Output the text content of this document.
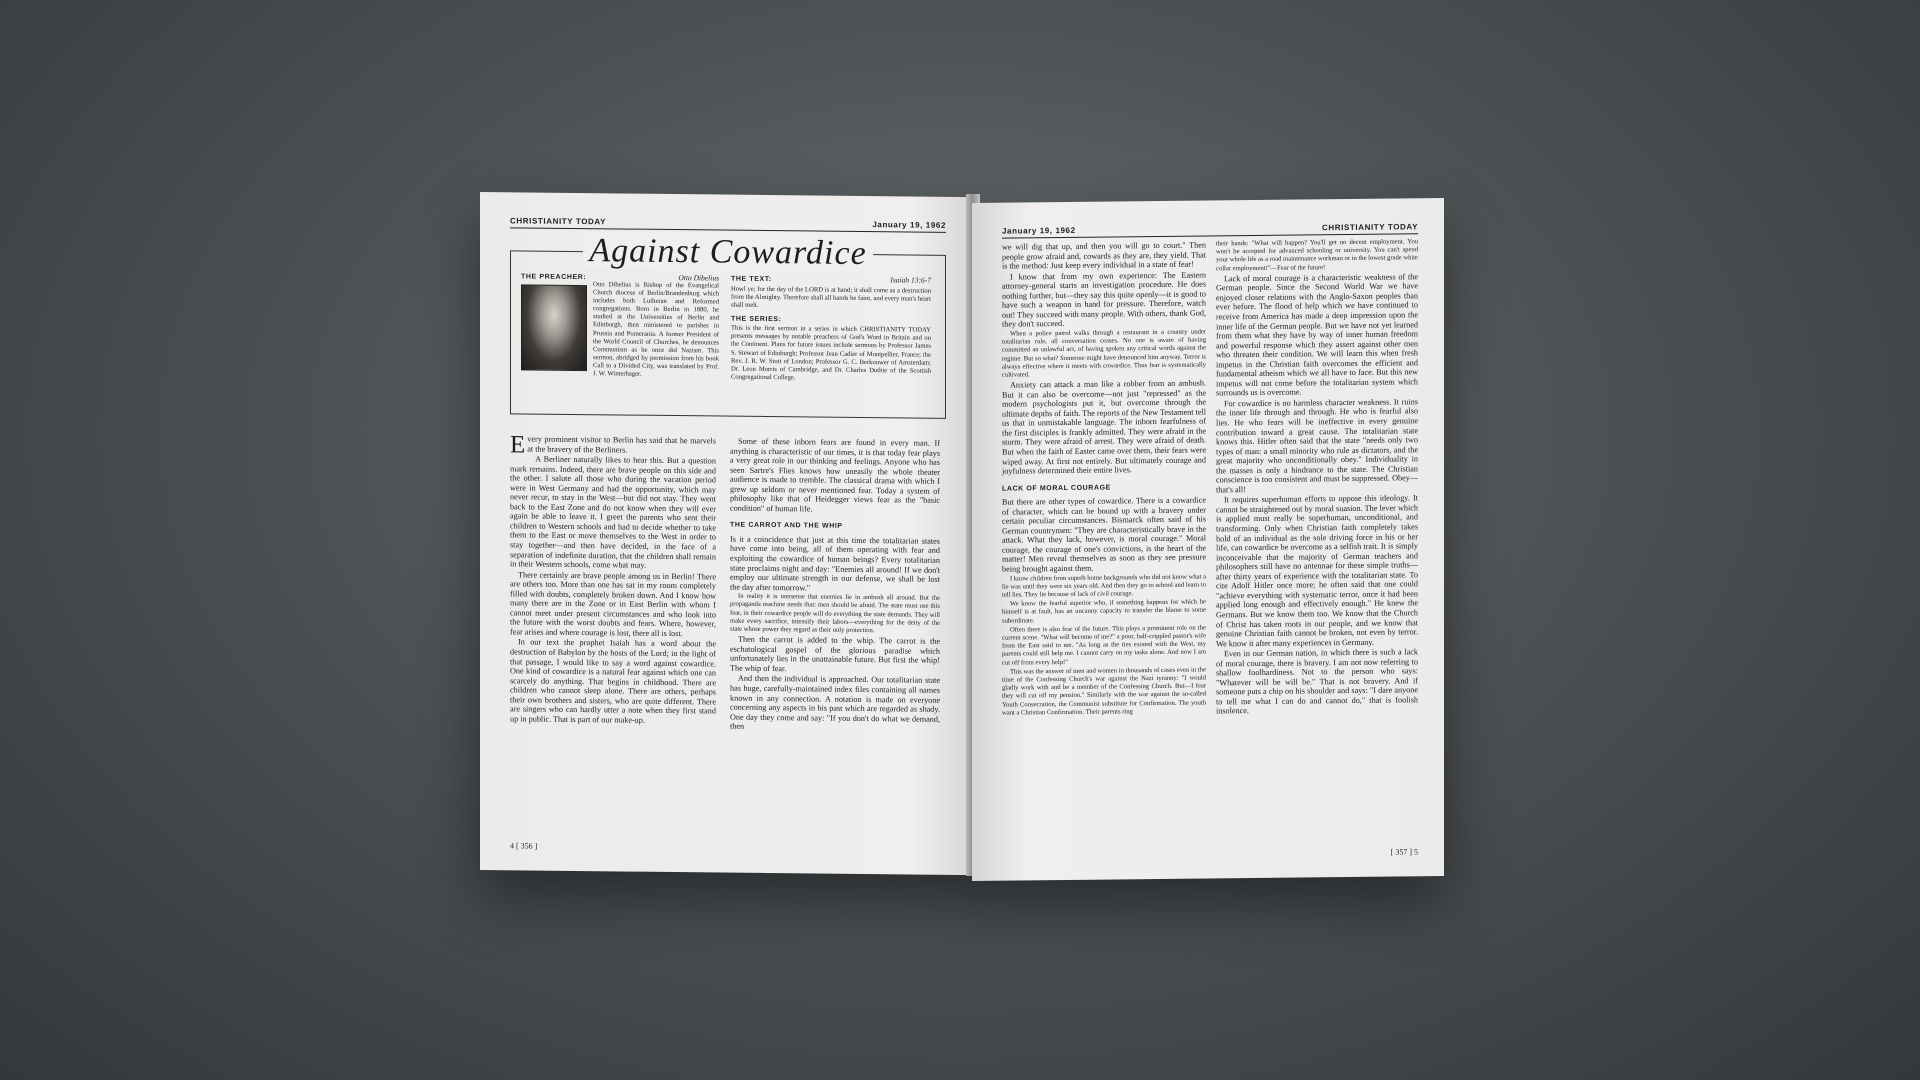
CHRISTIANITY TODAY	January 19, 1962
Against Cowardice
THE PREACHER:	Otto Dibelius
Otto Dibelius is Bishop of the Evangelical Church diocese of Berlin/Brandenburg which includes both Lutheran and Reformed congregations. Born in Berlin in 1880, he studied at the Universities of Berlin and Edinburgh, then ministered to parishes in Prussia and Pomerania. A former President of the World Council of Churches, he denounces Communism as he once did Nazism. This sermon, abridged by permission from his book Call to a Divided City, was translated by Prof. J. W. Winterhager.
THE TEXT:	Isaiah 13:6-7
Howl ye; for the day of the LORD is at hand; it shall come as a destruction from the Almighty. Therefore shall all hands be faint, and every man's heart shall melt.
THE SERIES:
This is the first sermon in a series in which CHRISTIANITY TODAY presents messages by notable preachers of God's Word in Britain and on the Continent. Plans for future issues include sermons by Professor James S. Stewart of Edinburgh; Professor Jean Cadier of Montpellier, France; the Rev. J. R. W. Stott of London; Professor G. C. Berkouwer of Amsterdam; Dr. Leon Morris of Cambridge, and Dr. Charles Duthie of the Scottish Congregational College.

Every prominent visitor to Berlin has said that he marvels at the bravery of the Berliners.

A Berliner naturally likes to hear this. But a question mark remains. Indeed, there are brave people on this side and the other. I salute all those who during the vacation period were in West Germany and had the opportunity, which may never recur, to stay in the West—but did not stay. They went back to the East Zone and do not know when they will ever again be able to leave it. I greet the parents who sent their children to Western schools and had to decide whether to take them to the East or move themselves to the West in order to stay together—and then have decided, in the face of a separation of indefinite duration, that the children shall remain in their Western schools, come what may.

There certainly are brave people among us in Berlin! There are others too. More than one has sat in my room completely filled with doubts, completely broken down. And I know how many there are in the Zone or in East Berlin with whom I cannot meet under present circumstances and who look into the future with the worst doubts and fears. Where, however, fear arises and where courage is lost, there all is lost.

In our text the prophet Isaiah has a word about the destruction of Babylon by the hosts of the Lord; in the light of that passage, I would like to say a word against cowardice. One kind of cowardice is a natural fear against which one can scarcely do anything. That begins in childhood. There are children who cannot sleep alone. There are others, perhaps their own brothers and sisters, who are quite different. There are singers who can hardly utter a note when they first stand up in public. That is part of our make-up.

Some of these inborn fears are found in every man. If anything is characteristic of our times, it is that today fear plays a very great role in our thinking and feelings. Anyone who has seen Sartre's Flies knows how uneasily the whole theater audience is made to tremble. The classical drama with which I grew up seldom or never mentioned fear. Today a system of philosophy like that of Heidegger views fear as the "basic condition" of human life.

THE CARROT AND THE WHIP

Is it a coincidence that just at this time the totalitarian states have come into being, all of them operating with fear and exploiting the cowardice of human beings? Every totalitarian state proclaims night and day: "Enemies all around! If we don't employ our ultimate strength in our defense, we shall be lost the day after tomorrow."

In reality it is nonsense that enemies lie in ambush all around. But the propaganda machine needs that: men should be afraid. The state must use this fear, in their cowardice people will do everything the state demands. They will make every sacrifice, intensify their labors—everything for the deity of the state whose power they regard as their only protection.

Then the carrot is added to the whip. The carrot is the eschatological gospel of the glorious paradise which unfortunately lies in the unattainable future. But first the whip! The whip of fear.

And then the individual is approached. Our totalitarian state has huge, carefully-maintained index files containing all names known in any connection. A notation is made on everyone concerning any aspects in his past which are regarded as shady. One day they come and say: "If you don't do what we demand, then

4 [ 356 ]
January 19, 1962	CHRISTIANITY TODAY

we will dig that up, and then you will go to court." Then people grow afraid and, cowards as they are, they yield. That is the method: Just keep every individual in a state of fear!

I know that from my own experience: The Eastern attorney-general starts an investigation procedure. He does nothing further, but—they say this quite openly—it is good to have such a weapon in hand for pressure. Therefore, watch out! They succeed with many people. With others, thank God, they don't succeed.

When a police patrol walks through a restaurant in a country under totalitarian rule, all conversation ceases. No one is aware of having committed an unlawful act, of having spoken any critical words against the regime. But so what? Someone might have denounced him anyway. Terror is always effective where it meets with cowardice. Thus fear is systematically cultivated.

Anxiety can attack a man like a robber from an ambush. But it can also be overcome—not just "repressed" as the modern psychologists put it, but overcome through the ultimate depths of faith. The reports of the New Testament tell us that in unmistakable language. The inborn fearfulness of the first disciples is frankly admitted. They were afraid in the storm. They were afraid of arrest. They were afraid of death. But when the faith of Easter came over them, their fears were wiped away. At first not entirely. But ultimately courage and joyfulness determined their entire lives.

LACK OF MORAL COURAGE

But there are other types of cowardice. There is a cowardice of character, which can be bound up with a bravery under certain peculiar circumstances. Bismarck often said of his German countrymen: "They are characteristically brave in the attack. What they lack, however, is moral courage." Moral courage, the courage of one's convictions, is the heart of the matter! Men reveal themselves as soon as they see pressure being brought against them.

I know children from superb home backgrounds who did not know what a lie was until they were six years old. And then they go to school and learn to tell lies. They lie because of lack of civil courage.

We know the fearful superior who, if something happens for which he himself is at fault, has an uncanny capacity to transfer the blame to some subordinate.

Often there is also fear of the future. This plays a prominent role on the current scene. "What will become of me?" a poor, half-crippled pastor's wife from the East said to me. "As long as the ties existed with the West, my parents could still help me. I cannot carry on my tasks alone. And now I am cut off from every help!"

This was the answer of men and women in thousands of cases even in the time of the Confessing Church's war against the Nazi tyranny: "I would gladly work with and be a member of the Confessing Church. But—I fear they will cut off my pension." Similarly with the war against the so-called Youth Consecration, the Communist substitute for Confirmation. The youth want a Christian Confirmation. Their parents ring

their hands: "What will happen? You'll get no decent employment. You won't be accepted for advanced schooling or university. You can't spend your whole life as a road maintenance workman or in the lowest grade white collar employment!"—Fear of the future!

Lack of moral courage is a characteristic weakness of the German people. Since the Second World War we have enjoyed closer relations with the Anglo-Saxon peoples than ever before. The flood of help which we have continued to receive from America has made a deep impression upon the inner life of the German people. But we have not yet learned from them what they have by way of inner human freedom and powerful response which they assert against other men who threaten their condition. We will learn this when fresh impetus in the Christian faith overcomes the efficient and fundamental atheism which we all have to face. But this new impetus will not come before the totalitarian system which surrounds us is overcome.

For cowardice is no harmless character weakness. It ruins the inner life through and through. He who is fearful also lies. He who fears will be ineffective in every genuine contribution toward a great cause. The totalitarian state knows this. Hitler often said that the state "needs only two types of man: a small minority who rule as dictators, and the great majority who unconditionally obey." Individuality in the masses is only a hindrance to the state. The Christian conscience is too consistent and must be suppressed. Obey—that's all!

It requires superhuman efforts to oppose this ideology. It cannot be straightened out by moral suasion. The lever which is applied must really be superhuman, unconditional, and transforming. Only when Christian faith completely takes hold of an individual as the sole driving force in his or her life, can cowardice be overcome as a selfish trait. It is simply inconceivable that the majority of German teachers and philosophers still have no antennae for these simple truths—after thirty years of experience with the totalitarian state. To cite Adolf Hitler once more; he often said that one could "achieve everything with systematic terror, once it had been applied long enough and effectively enough." He knew the Germans. But we know them too. We know that the Church of Christ has taken roots in our people, and we know that genuine Christian faith cannot be broken, not even by terror. We know it after many experiences in Germany.

Even in our German nation, in which there is such a lack of moral courage, there is bravery. I am not now referring to shallow foolhardiness. Not to the person who says: "Whatever will be will be." That is not bravery. And if someone puts a chip on his shoulder and says: "I dare anyone to tell me what I can do and cannot do," that is foolish insolence.

[ 357 ] 5
